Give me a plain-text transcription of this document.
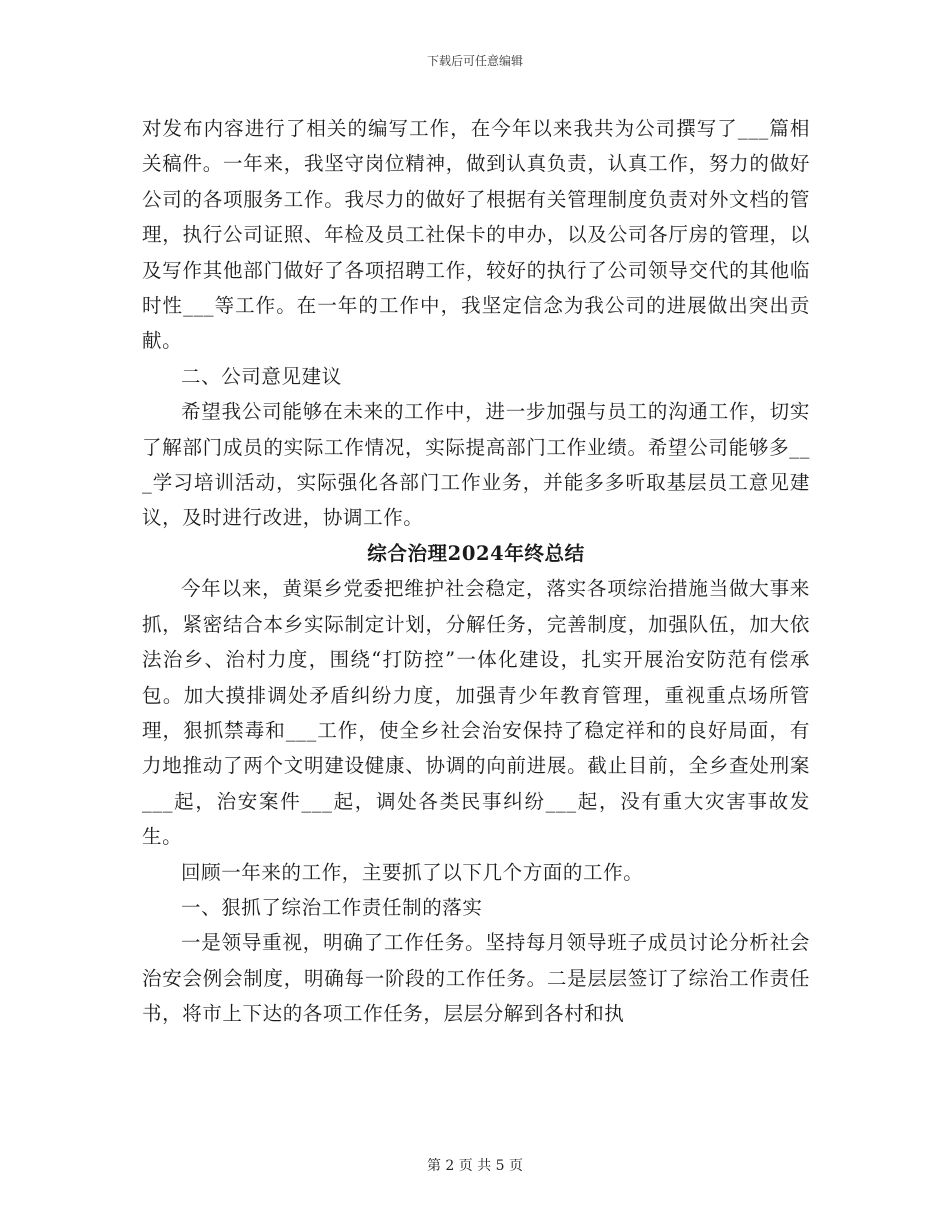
下载后可任意编辑

对发布内容进行了相关的编写工作，在今年以来我共为公司撰写了___篇相关稿件。一年来，我坚守岗位精神，做到认真负责，认真工作，努力的做好公司的各项服务工作。我尽力的做好了根据有关管理制度负责对外文档的管理，执行公司证照、年检及员工社保卡的申办，以及公司各厅房的管理，以及写作其他部门做好了各项招聘工作，较好的执行了公司领导交代的其他临时性___等工作。在一年的工作中，我坚定信念为我公司的进展做出突出贡献。

二、公司意见建议

希望我公司能够在未来的工作中，进一步加强与员工的沟通工作，切实了解部门成员的实际工作情况，实际提高部门工作业绩。希望公司能够多___学习培训活动，实际强化各部门工作业务，并能多多听取基层员工意见建议，及时进行改进，协调工作。

综合治理2024年终总结

今年以来，黄渠乡党委把维护社会稳定，落实各项综治措施当做大事来抓，紧密结合本乡实际制定计划，分解任务，完善制度，加强队伍，加大依法治乡、治村力度，围绕“打防控”一体化建设，扎实开展治安防范有偿承包。加大摸排调处矛盾纠纷力度，加强青少年教育管理，重视重点场所管理，狠抓禁毒和___工作，使全乡社会治安保持了稳定祥和的良好局面，有力地推动了两个文明建设健康、协调的向前进展。截止目前，全乡查处刑案___起，治安案件___起，调处各类民事纠纷___起，没有重大灾害事故发生。

回顾一年来的工作，主要抓了以下几个方面的工作。

一、狠抓了综治工作责任制的落实

一是领导重视，明确了工作任务。坚持每月领导班子成员讨论分析社会治安会例会制度，明确每一阶段的工作任务。二是层层签订了综治工作责任书，将市上下达的各项工作任务，层层分解到各村和执

第 2 页 共 5 页
